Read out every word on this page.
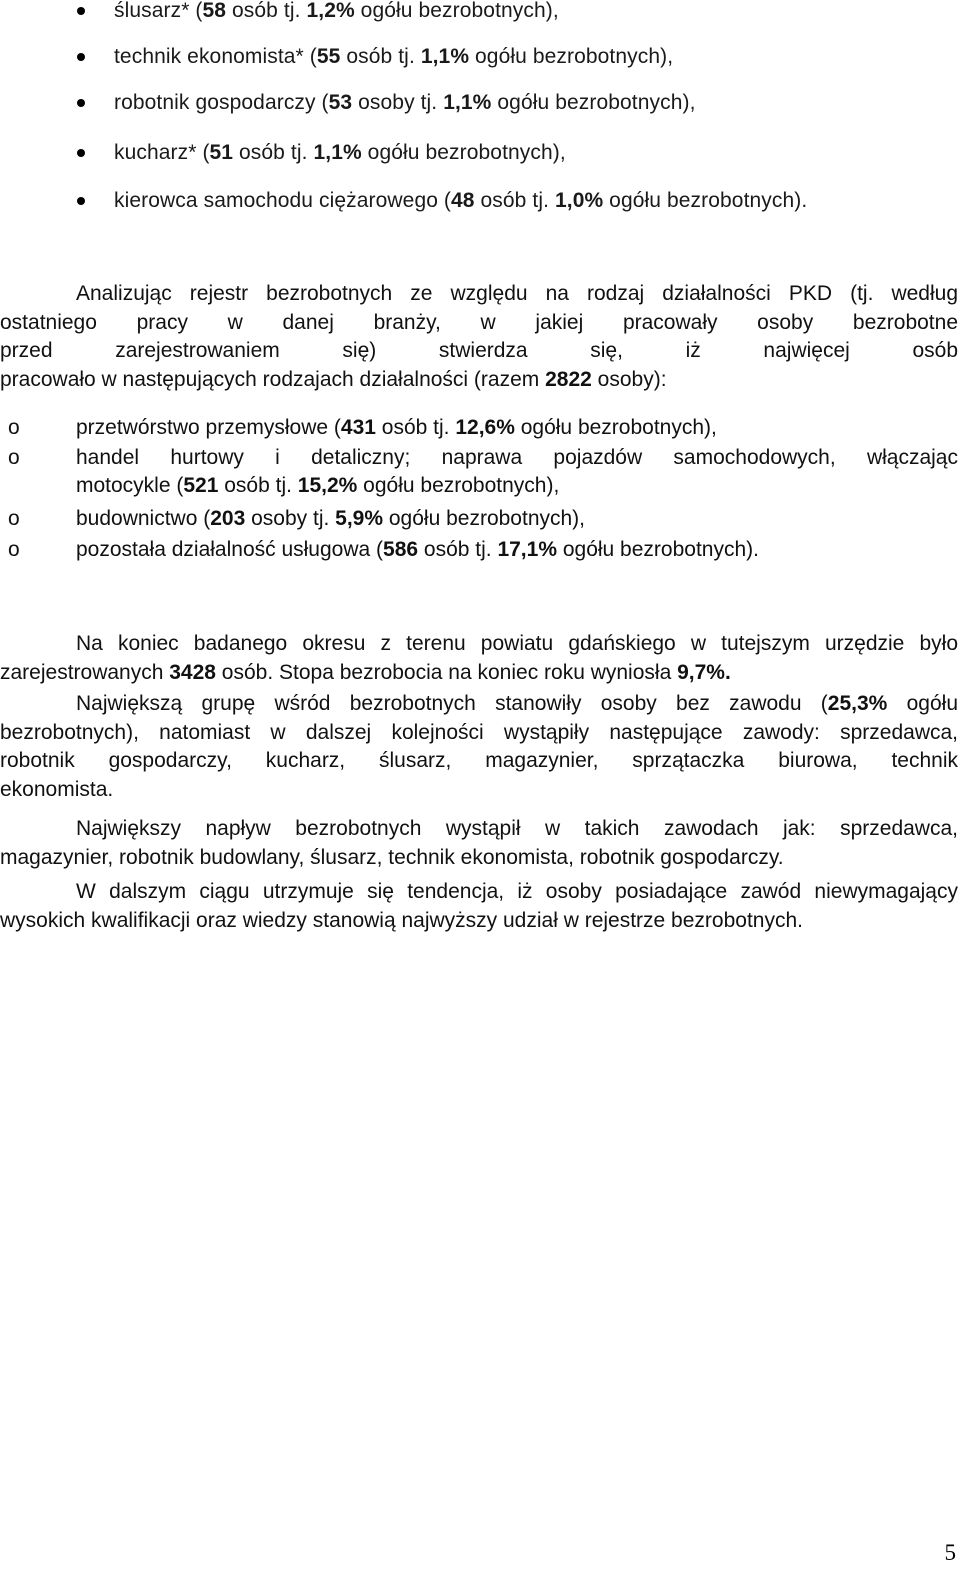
ślusarz* (58 osób tj. 1,2% ogółu bezrobotnych),
technik ekonomista* (55 osób tj. 1,1% ogółu bezrobotnych),
robotnik gospodarczy (53 osoby tj. 1,1% ogółu bezrobotnych),
kucharz* (51 osób tj. 1,1% ogółu bezrobotnych),
kierowca samochodu ciężarowego (48 osób tj. 1,0% ogółu bezrobotnych).
Analizując rejestr bezrobotnych ze względu na rodzaj działalności PKD (tj. według
ostatniego pracy w danej branży, w jakiej pracowały osoby bezrobotne
przed zarejestrowaniem się) stwierdza się, iż najwięcej osób
pracowało w następujących rodzajach działalności (razem 2822 osoby):
o	przetwórstwo przemysłowe (431 osób tj. 12,6% ogółu bezrobotnych),
o	handel hurtowy i detaliczny; naprawa pojazdów samochodowych, włączając
motocykle (521 osób tj. 15,2% ogółu bezrobotnych),
o	budownictwo (203 osoby tj. 5,9% ogółu bezrobotnych),
o	pozostała działalność usługowa (586 osób tj. 17,1% ogółu bezrobotnych).
Na koniec badanego okresu z terenu powiatu gdańskiego w tutejszym urzędzie było
zarejestrowanych 3428 osób. Stopa bezrobocia na koniec roku wyniosła 9,7%.
Największą grupę wśród bezrobotnych stanowiły osoby bez zawodu (25,3% ogółu
bezrobotnych), natomiast w dalszej kolejności wystąpiły następujące zawody: sprzedawca,
robotnik gospodarczy, kucharz, ślusarz, magazynier, sprzątaczka biurowa, technik
ekonomista.
Największy napływ bezrobotnych wystąpił w takich zawodach jak: sprzedawca,
magazynier, robotnik budowlany, ślusarz, technik ekonomista, robotnik gospodarczy.
W dalszym ciągu utrzymuje się tendencja, iż osoby posiadające zawód niewymagający
wysokich kwalifikacji oraz wiedzy stanowią najwyższy udział w rejestrze bezrobotnych.
5
